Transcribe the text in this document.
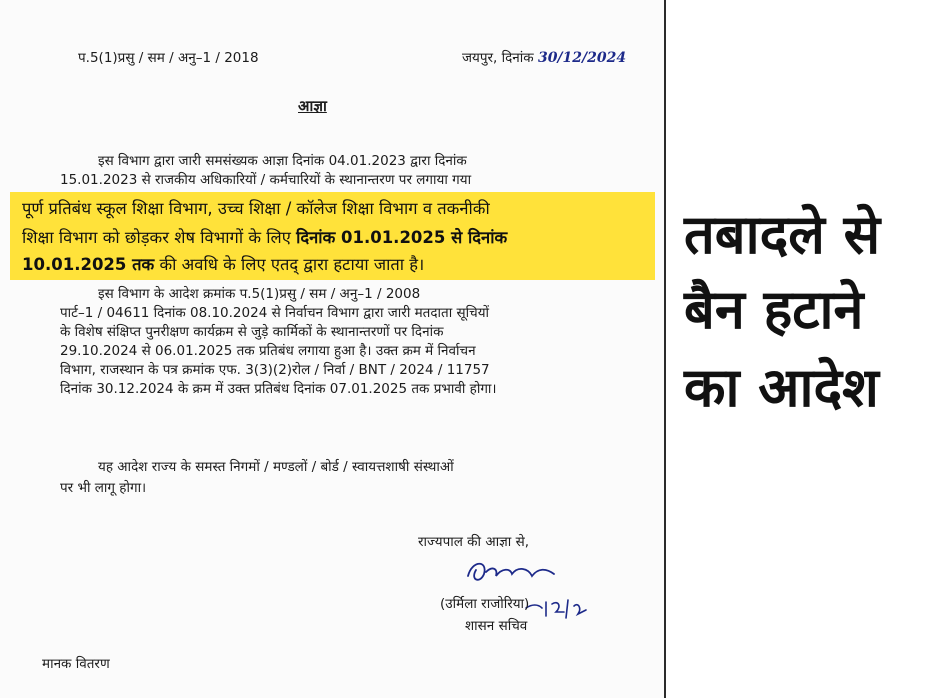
प.5(1)प्रसु / सम / अनु–1 / 2018	जयपुर, दिनांक 30/12/2024
आज्ञा
इस विभाग द्वारा जारी समसंख्यक आज्ञा दिनांक 04.01.2023 द्वारा दिनांक
15.01.2023 से राजकीय अधिकारियों / कर्मचारियों के स्थानान्तरण पर लगाया गया
पूर्ण प्रतिबंध स्कूल शिक्षा विभाग, उच्च शिक्षा / कॉलेज शिक्षा विभाग व तकनीकी
शिक्षा विभाग को छोड़कर शेष विभागों के लिए दिनांक 01.01.2025 से दिनांक
10.01.2025 तक की अवधि के लिए एतद् द्वारा हटाया जाता है।
इस विभाग के आदेश क्रमांक प.5(1)प्रसु / सम / अनु–1 / 2008
पार्ट–1 / 04611 दिनांक 08.10.2024 से निर्वाचन विभाग द्वारा जारी मतदाता सूचियों
के विशेष संक्षिप्त पुनरीक्षण कार्यक्रम से जुड़े कार्मिकों के स्थानान्तरणों पर दिनांक
29.10.2024 से 06.01.2025 तक प्रतिबंध लगाया हुआ है। उक्त क्रम में निर्वाचन
विभाग, राजस्थान के पत्र क्रमांक एफ. 3(3)(2)रोल / निर्वा / BNT / 2024 / 11757
दिनांक 30.12.2024 के क्रम में उक्त प्रतिबंध दिनांक 07.01.2025 तक प्रभावी होगा।
यह आदेश राज्य के समस्त निगमों / मण्डलों / बोर्ड / स्वायत्तशाषी संस्थाओं
पर भी लागू होगा।
राज्यपाल की आज्ञा से,
(उर्मिला राजोरिया)
शासन सचिव
मानक वितरण
तबादले से
बैन हटाने
का आदेश
